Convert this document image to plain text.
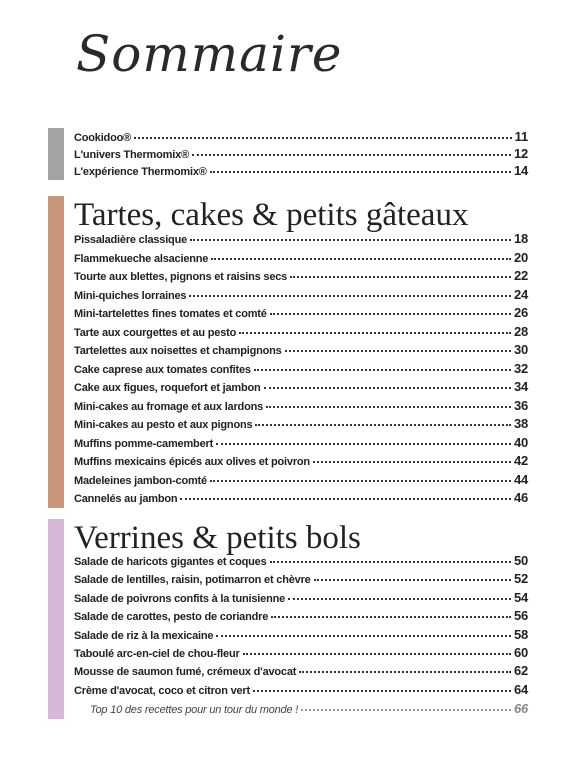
Sommaire
Cookidoo®	11
L'univers Thermomix®	12
L'expérience Thermomix®	14
Tartes, cakes & petits gâteaux
Pissaladière classique	18
Flammekueche alsacienne	20
Tourte aux blettes, pignons et raisins secs	22
Mini-quiches lorraines	24
Mini-tartelettes fines tomates et comté	26
Tarte aux courgettes et au pesto	28
Tartelettes aux noisettes et champignons	30
Cake caprese aux tomates confites	32
Cake aux figues, roquefort et jambon	34
Mini-cakes au fromage et aux lardons	36
Mini-cakes au pesto et aux pignons	38
Muffins pomme-camembert	40
Muffins mexicains épicés aux olives et poivron	42
Madeleines jambon-comté	44
Cannelés au jambon	46
Verrines & petits bols
Salade de haricots gigantes et coques	50
Salade de lentilles, raisin, potimarron et chèvre	52
Salade de poivrons confits à la tunisienne	54
Salade de carottes, pesto de coriandre	56
Salade de riz à la mexicaine	58
Taboulé arc-en-ciel de chou-fleur	60
Mousse de saumon fumé, crémeux d'avocat	62
Crème d'avocat, coco et citron vert	64
Top 10 des recettes pour un tour du monde !	66
